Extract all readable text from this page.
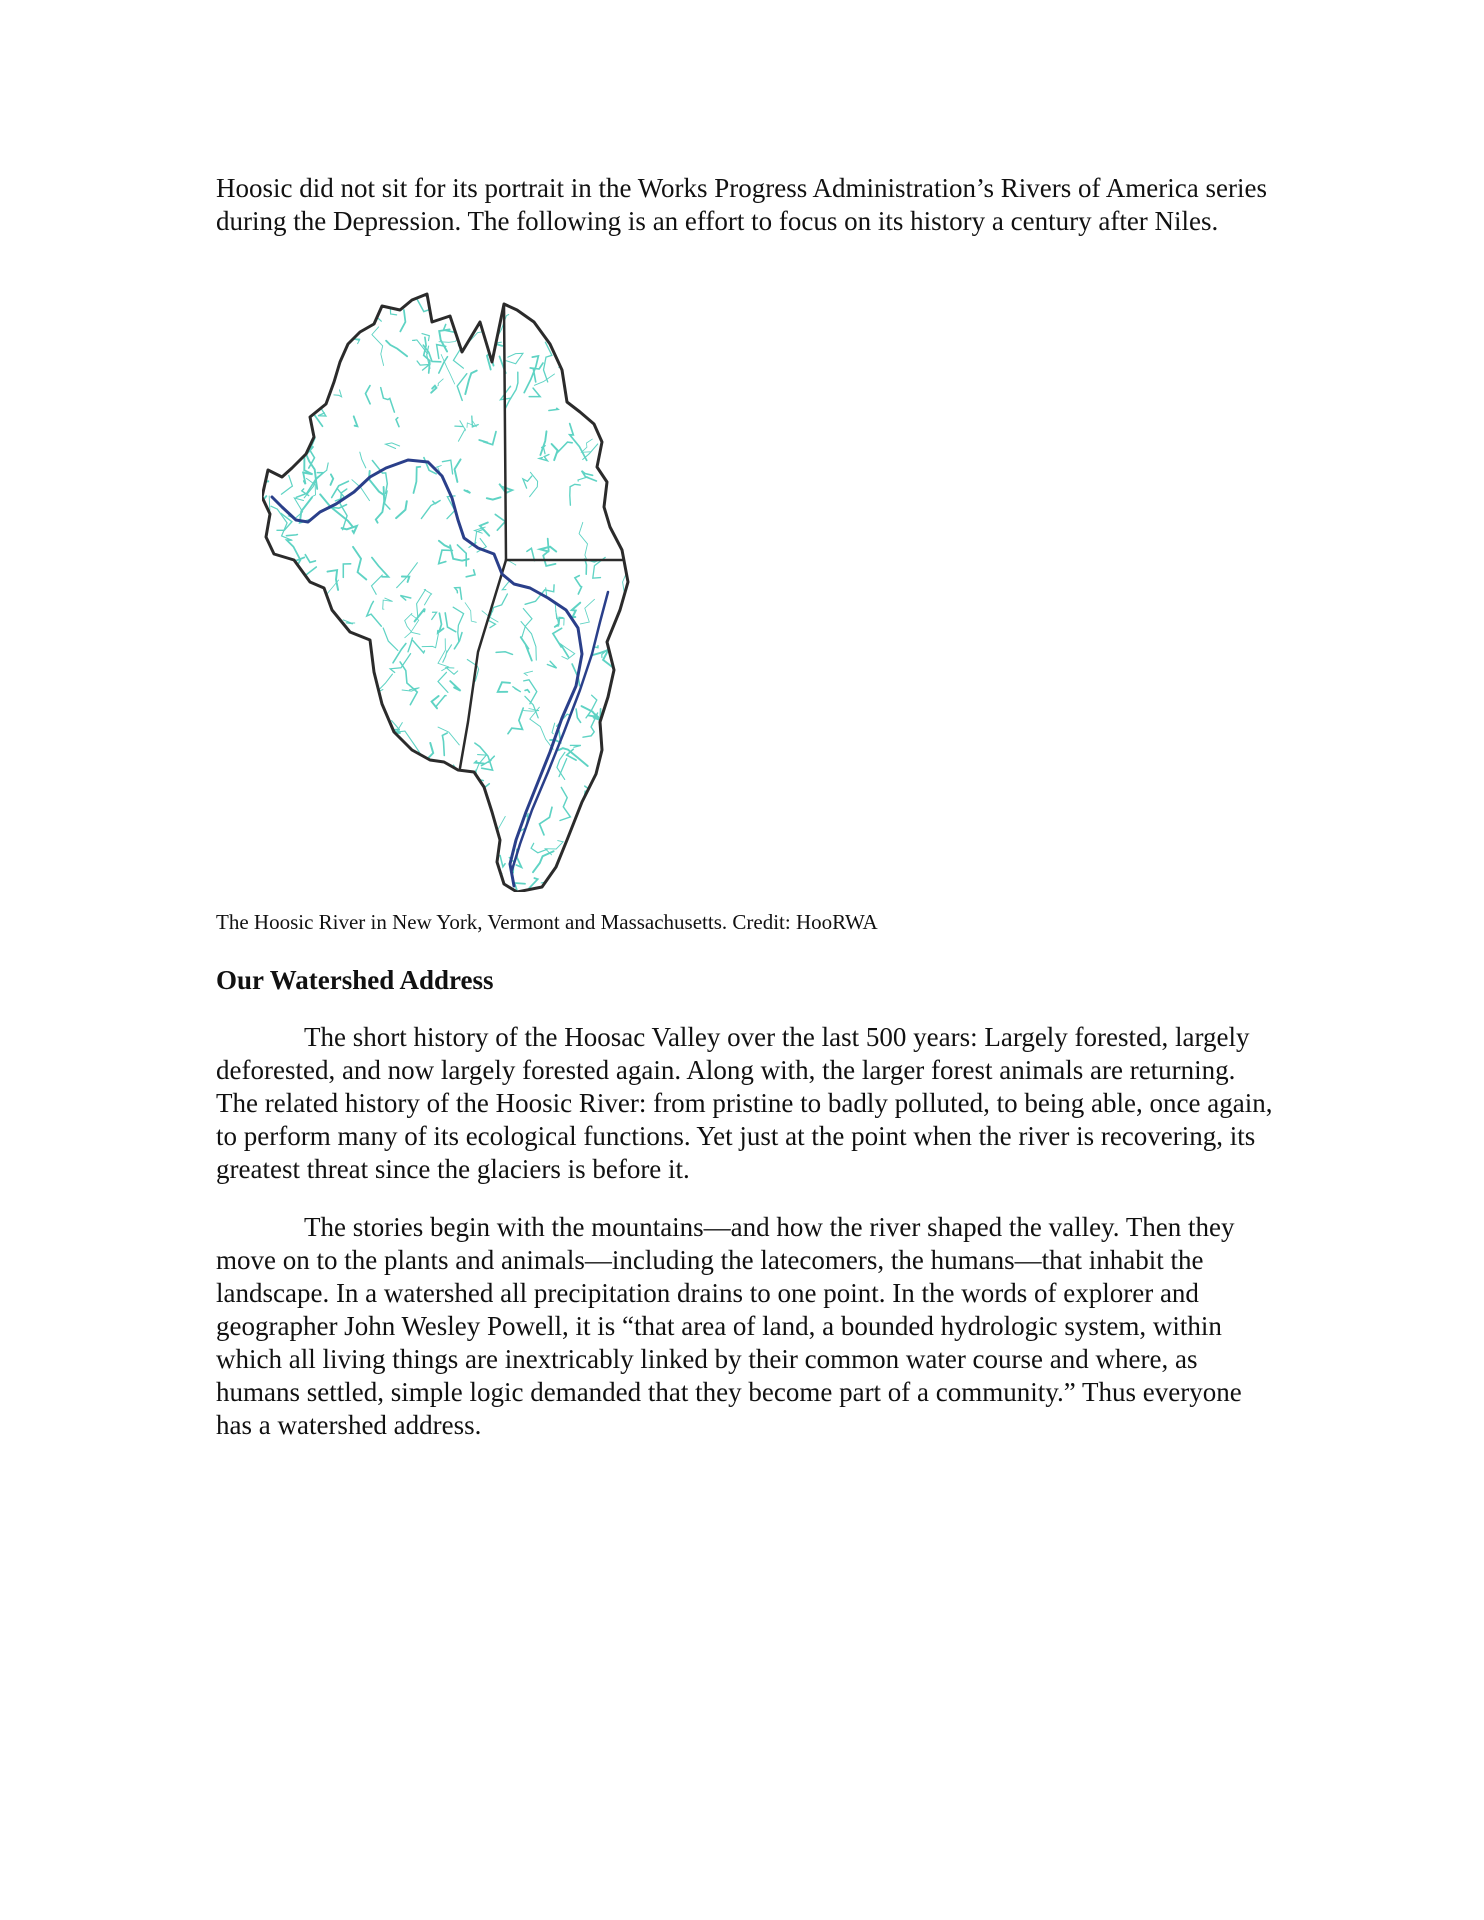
Hoosic did not sit for its portrait in the Works Progress Administration’s Rivers of America series during the Depression. The following is an effort to focus on its history a century after Niles.

The Hoosic River in New York, Vermont and Massachusetts. Credit: HooRWA

Our Watershed Address

The short history of the Hoosac Valley over the last 500 years: Largely forested, largely deforested, and now largely forested again. Along with, the larger forest animals are returning. The related history of the Hoosic River: from pristine to badly polluted, to being able, once again, to perform many of its ecological functions. Yet just at the point when the river is recovering, its greatest threat since the glaciers is before it.

The stories begin with the mountains—and how the river shaped the valley. Then they move on to the plants and animals—including the latecomers, the humans—that inhabit the landscape. In a watershed all precipitation drains to one point. In the words of explorer and geographer John Wesley Powell, it is “that area of land, a bounded hydrologic system, within which all living things are inextricably linked by their common water course and where, as humans settled, simple logic demanded that they become part of a community.” Thus everyone has a watershed address.
